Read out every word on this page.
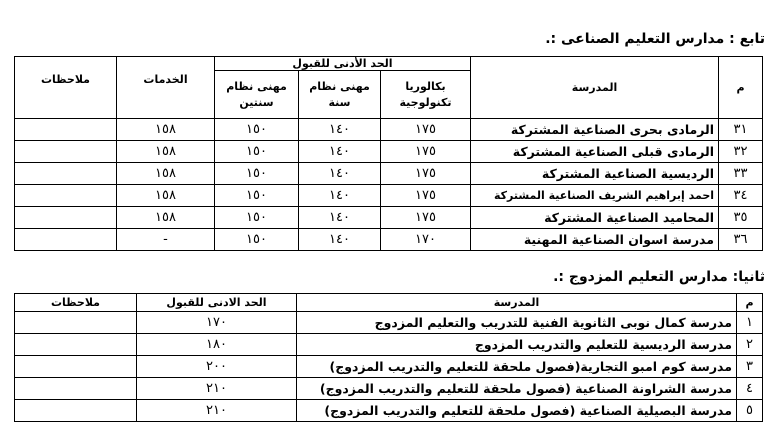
تابع : مدارس التعليم الصناعى :.
م	المدرسة	الحد الأدنى للقبول			الخدمات	ملاحظات
		بكالوريا تكنولوجية	مهنى نظام سنة	مهنى نظام سنتين		
٣١	الرمادى بحرى الصناعية المشتركة	١٧٥	١٤٠	١٥٠	١٥٨	
٣٢	الرمادى قبلى الصناعية المشتركة	١٧٥	١٤٠	١٥٠	١٥٨	
٣٣	الرديسية الصناعية المشتركة	١٧٥	١٤٠	١٥٠	١٥٨	
٣٤	احمد إبراهيم الشريف الصناعية المشتركة	١٧٥	١٤٠	١٥٠	١٥٨	
٣٥	المحاميد الصناعية المشتركة	١٧٥	١٤٠	١٥٠	١٥٨	
٣٦	مدرسة اسوان الصناعية المهنية	١٧٠	١٤٠	١٥٠	-	
ثانيا: مدارس التعليم المزدوج :.
م	المدرسة	الحد الادنى للقبول	ملاحظات
١	مدرسة كمال نوبى الثانوية الفنية للتدريب والتعليم المزدوج	١٧٠	
٢	مدرسة الرديسية للتعليم والتدريب المزدوج	١٨٠	
٣	مدرسة كوم امبو التجارية(فصول ملحقة للتعليم والتدريب المزدوج)	٢٠٠	
٤	مدرسة الشراونة الصناعية (فصول ملحقة للتعليم والتدريب المزدوج)	٢١٠	
٥	مدرسة البصيلية الصناعية (فصول ملحقة للتعليم والتدريب المزدوج)	٢١٠	
